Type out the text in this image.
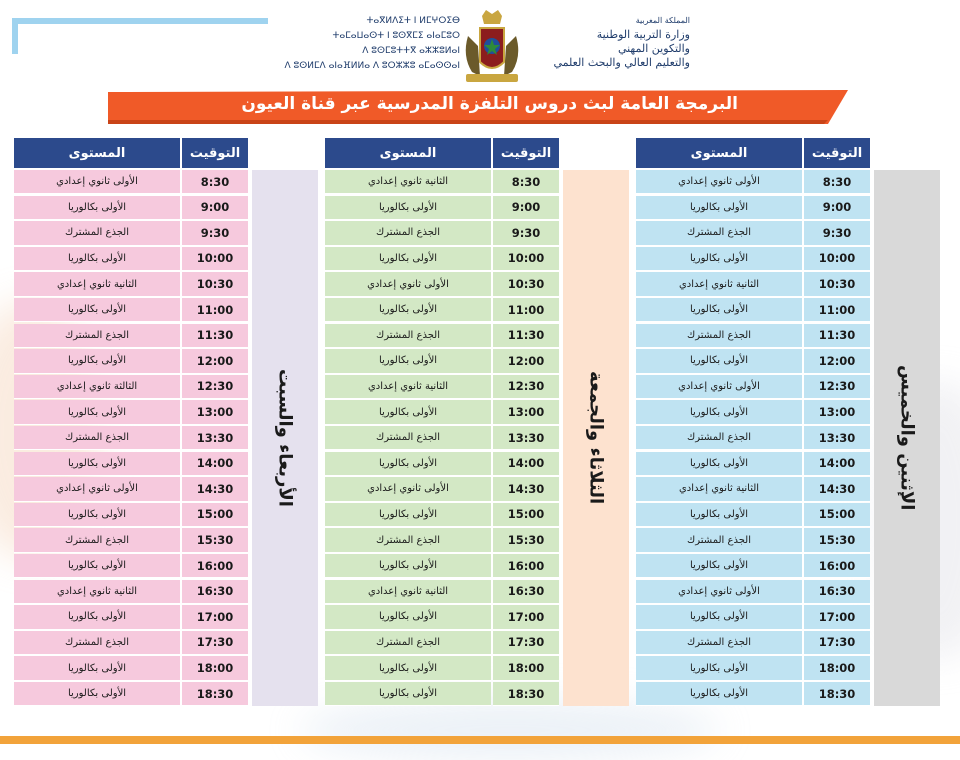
ⵜⴰⴳⵍⴷⵉⵜ ⵏ ⵍⵎⵖⵔⵉⴱ
ⵜⴰⵎⴰⵡⴰⵙⵜ ⵏ ⵓⵙⴳⵎⵉ ⴰⵏⴰⵎⵓⵔ
ⴷ ⵓⵙⵎⵓⵜⵜⴳ ⴰⵣⵣⵓⵍⴰⵏ
ⴷ ⵓⵙⵍⵎⴷ ⴰⵏⴰⴼⵍⵍⴰ ⴷ ⵓⵔⵣⵣⵓ ⴰⵎⴰⵙⵙⴰⵏ
المملكة المغربية
وزارة التربية الوطنية
والتكوين المهني
والتعليم العالي والبحث العلمي
البرمجة العامة لبث دروس التلفزة المدرسية عبر قناة العيون
المستوى	التوقيت
الأولى ثانوي إعدادي	8:30
الأولى بكالوريا	9:00
الجذع المشترك	9:30
الأولى بكالوريا	10:00
الثانية ثانوي إعدادي	10:30
الأولى بكالوريا	11:00
الجذع المشترك	11:30
الأولى بكالوريا	12:00
الأولى ثانوي إعدادي	12:30
الأولى بكالوريا	13:00
الجذع المشترك	13:30
الأولى بكالوريا	14:00
الثانية ثانوي إعدادي	14:30
الأولى بكالوريا	15:00
الجذع المشترك	15:30
الأولى بكالوريا	16:00
الأولى ثانوي إعدادي	16:30
الأولى بكالوريا	17:00
الجذع المشترك	17:30
الأولى بكالوريا	18:00
الأولى بكالوريا	18:30
الإثنين والخميس
المستوى	التوقيت
الثانية ثانوي إعدادي	8:30
الأولى بكالوريا	9:00
الجذع المشترك	9:30
الأولى بكالوريا	10:00
الأولى ثانوي إعدادي	10:30
الأولى بكالوريا	11:00
الجذع المشترك	11:30
الأولى بكالوريا	12:00
الثانية ثانوي إعدادي	12:30
الأولى بكالوريا	13:00
الجذع المشترك	13:30
الأولى بكالوريا	14:00
الأولى ثانوي إعدادي	14:30
الأولى بكالوريا	15:00
الجذع المشترك	15:30
الأولى بكالوريا	16:00
الثانية ثانوي إعدادي	16:30
الأولى بكالوريا	17:00
الجذع المشترك	17:30
الأولى بكالوريا	18:00
الأولى بكالوريا	18:30
الثلاثاء والجمعة
المستوى	التوقيت
الأولى ثانوي إعدادي	8:30
الأولى بكالوريا	9:00
الجذع المشترك	9:30
الأولى بكالوريا	10:00
الثانية ثانوي إعدادي	10:30
الأولى بكالوريا	11:00
الجذع المشترك	11:30
الأولى بكالوريا	12:00
الثالثة ثانوي إعدادي	12:30
الأولى بكالوريا	13:00
الجذع المشترك	13:30
الأولى بكالوريا	14:00
الأولى ثانوي إعدادي	14:30
الأولى بكالوريا	15:00
الجذع المشترك	15:30
الأولى بكالوريا	16:00
الثانية ثانوي إعدادي	16:30
الأولى بكالوريا	17:00
الجذع المشترك	17:30
الأولى بكالوريا	18:00
الأولى بكالوريا	18:30
الأربعاء والسبت
